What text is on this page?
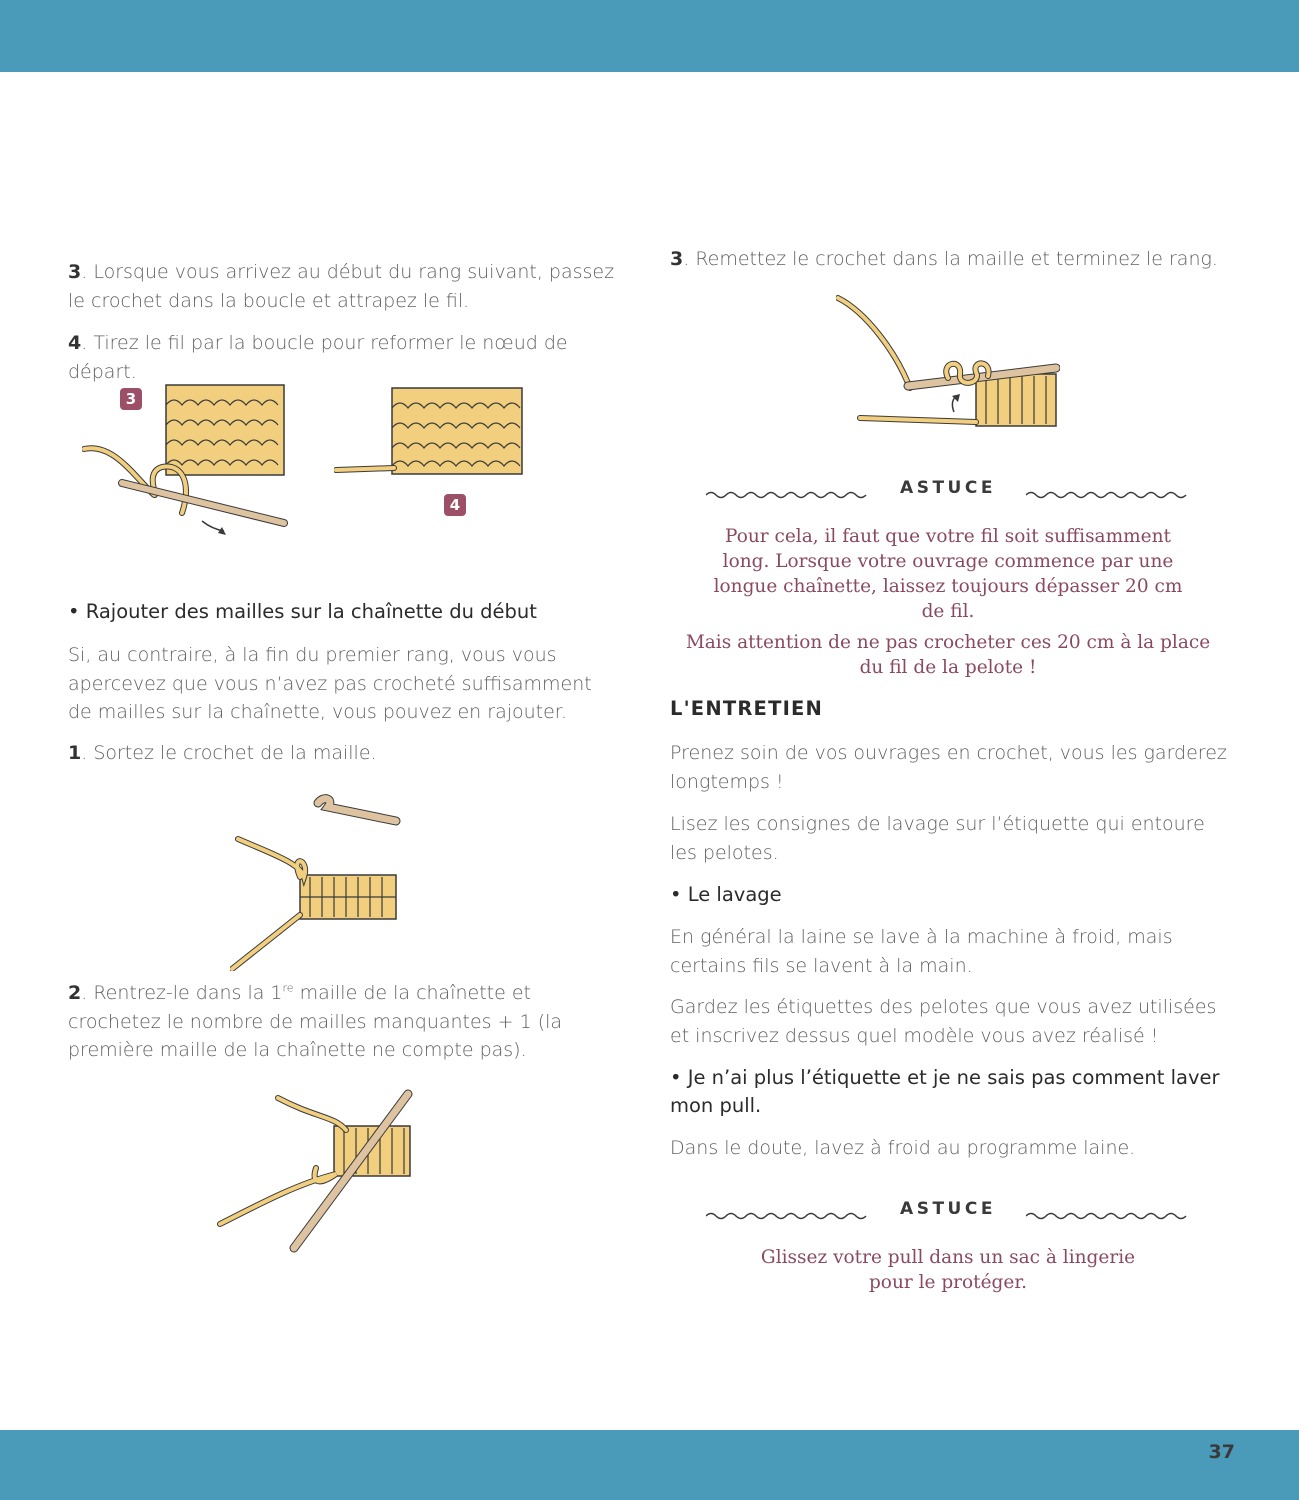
3. Lorsque vous arrivez au début du rang suivant, passez le crochet dans la boucle et attrapez le fil.

4. Tirez le fil par la boucle pour reformer le nœud de départ.

3
4
• Rajouter des mailles sur la chaînette du début

Si, au contraire, à la fin du premier rang, vous vous apercevez que vous n’avez pas crocheté suffisamment de mailles sur la chaînette, vous pouvez en rajouter.

1. Sortez le crochet de la maille.

2. Rentrez-le dans la 1re maille de la chaînette et crochetez le nombre de mailles manquantes + 1 (la première maille de la chaînette ne compte pas).

3. Remettez le crochet dans la maille et terminez le rang.

ASTUCE

Pour cela, il faut que votre fil soit suffisamment long. Lorsque votre ouvrage commence par une longue chaînette, laissez toujours dépasser 20 cm de fil.

Mais attention de ne pas crocheter ces 20 cm à la place du fil de la pelote !

L'ENTRETIEN

Prenez soin de vos ouvrages en crochet, vous les garderez longtemps !

Lisez les consignes de lavage sur l’étiquette qui entoure les pelotes.

• Le lavage

En général la laine se lave à la machine à froid, mais certains fils se lavent à la main.

Gardez les étiquettes des pelotes que vous avez utilisées et inscrivez dessus quel modèle vous avez réalisé !

• Je n’ai plus l’étiquette et je ne sais pas comment laver mon pull.

Dans le doute, lavez à froid au programme laine.

ASTUCE

Glissez votre pull dans un sac à lingerie pour le protéger.

37
